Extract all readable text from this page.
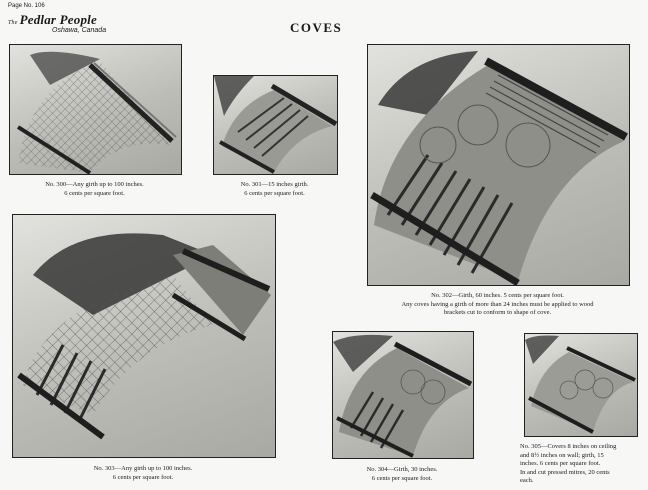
Page No. 106
The Pedlar People
Oshawa, Canada	COVES
No. 300—Any girth up to 100 inches.
6 cents per square foot.
No. 301—15 inches girth.
6 cents per square foot.
No. 302—Girth, 60 inches. 5 cents per square foot.
Any coves having a girth of more than 24 inches must be applied to wood
brackets cut to conform to shape of cove.
No. 303—Any girth up to 100 inches.
6 cents per square foot.
No. 304—Girth, 30 inches.
6 cents per square foot.
No. 305—Covers 8 inches on ceiling
and 8½ inches on wall; girth, 15
inches. 6 cents per square foot.
In and cut pressed mitres, 20 cents
each.
